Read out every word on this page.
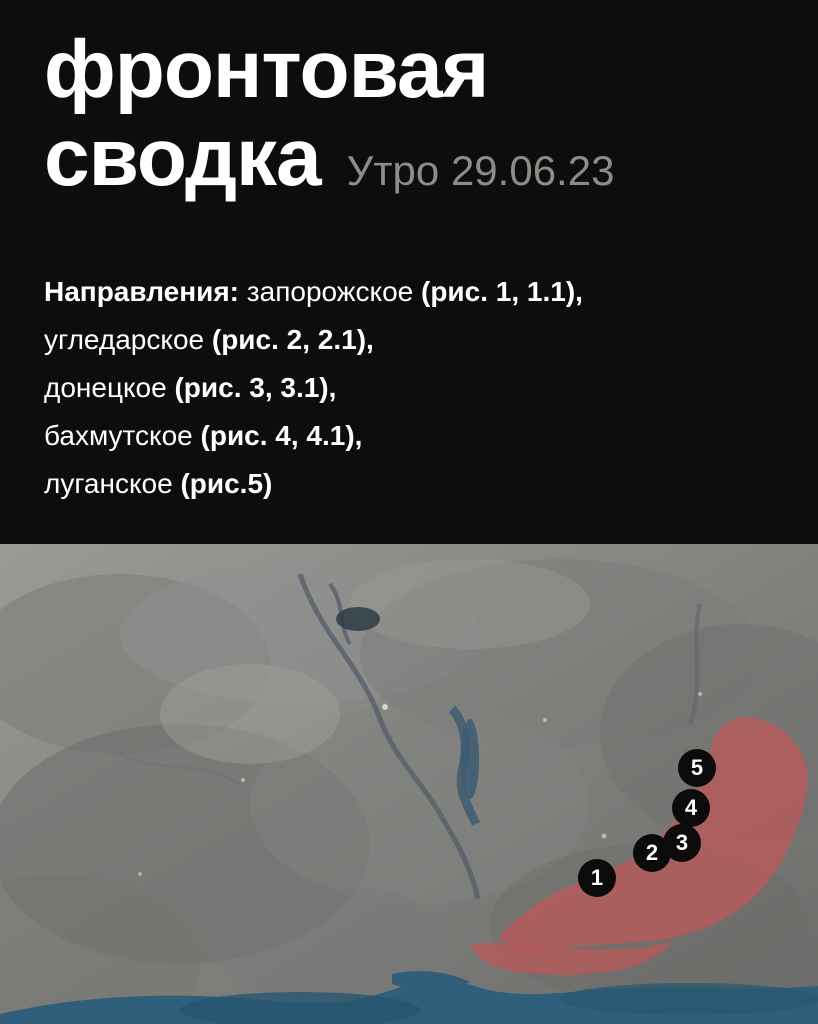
фронтовая
сводка Утро 29.06.23
Направления: запорожское (рис. 1, 1.1),
угледарское (рис. 2, 2.1),
донецкое (рис. 3, 3.1),
бахмутское (рис. 4, 4.1),
луганское (рис.5)
1
2 3
4
5
